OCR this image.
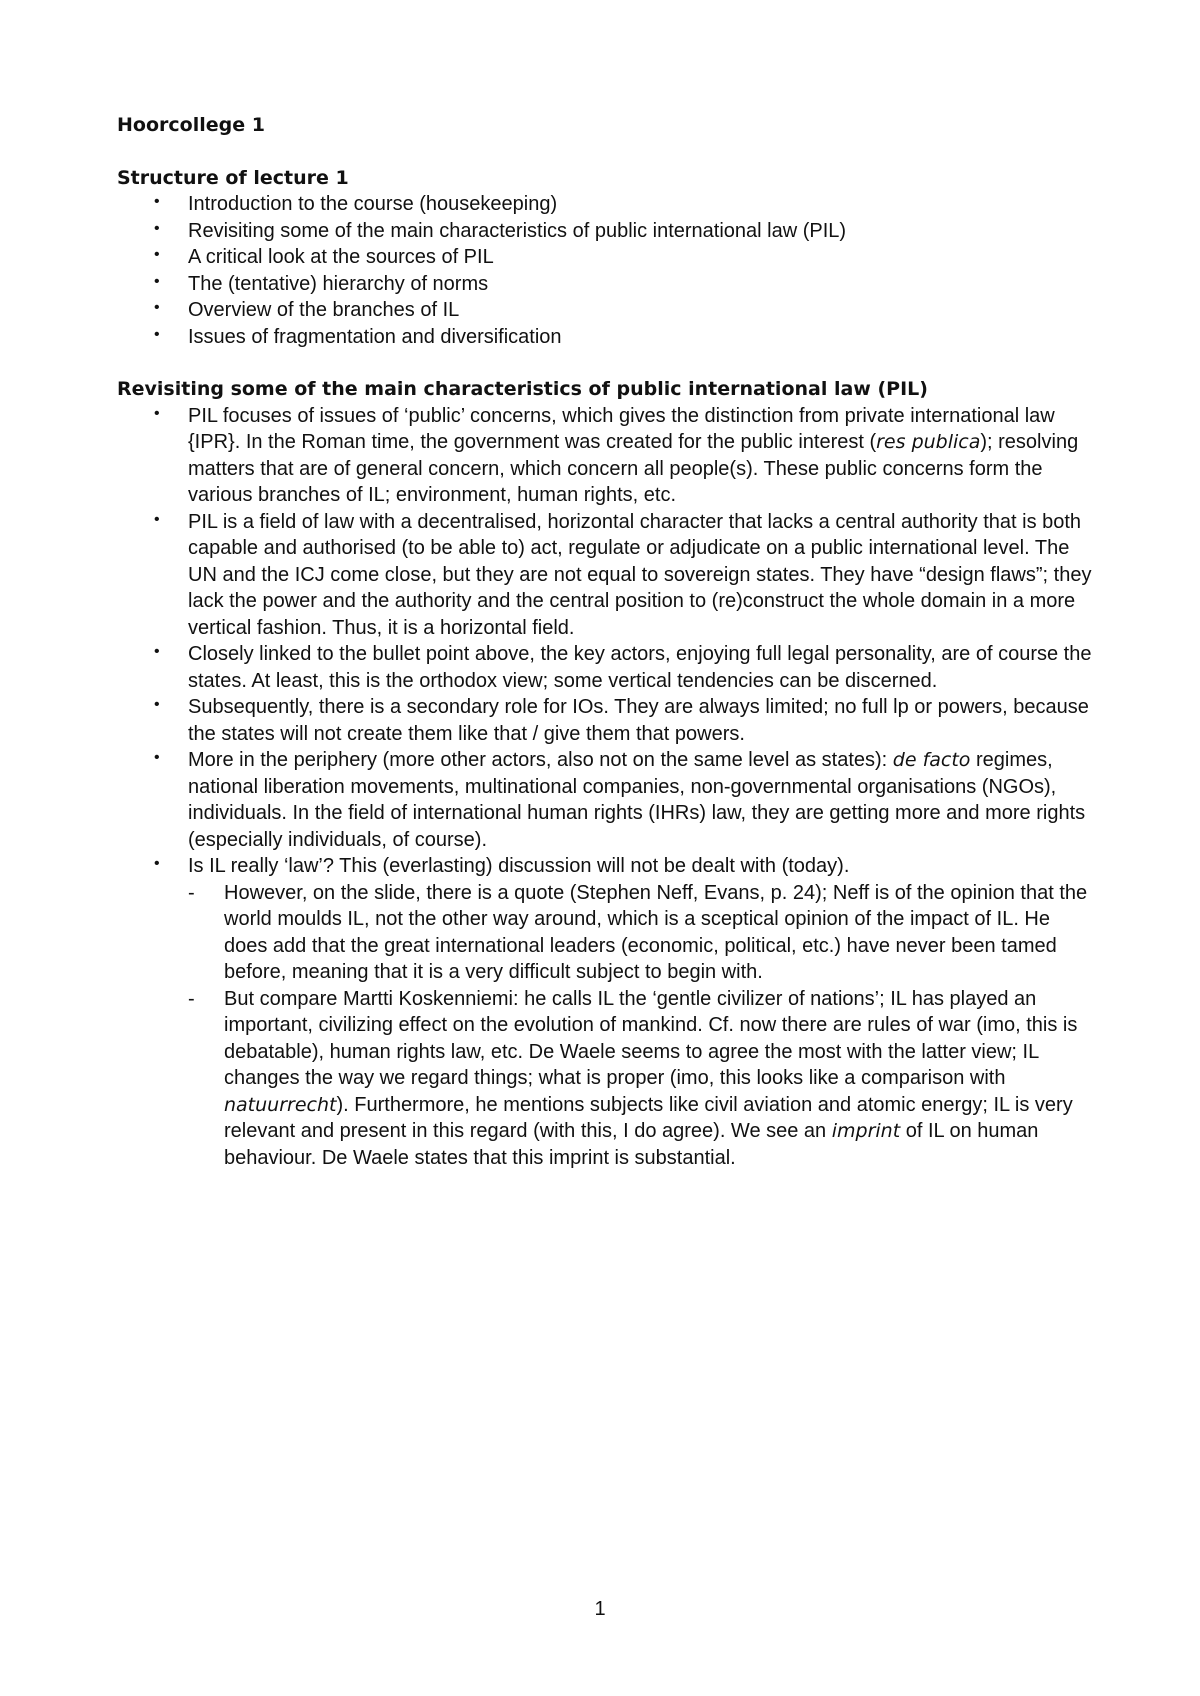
Hoorcollege 1

Structure of lecture 1

• Introduction to the course (housekeeping)
• Revisiting some of the main characteristics of public international law (PIL)
• A critical look at the sources of PIL
• The (tentative) hierarchy of norms
• Overview of the branches of IL
• Issues of fragmentation and diversification

Revisiting some of the main characteristics of public international law (PIL)

• PIL focuses of issues of ‘public’ concerns, which gives the distinction from private international law {IPR}. In the Roman time, the government was created for the public interest (res publica); resolving matters that are of general concern, which concern all people(s). These public concerns form the various branches of IL; environment, human rights, etc.
• PIL is a field of law with a decentralised, horizontal character that lacks a central authority that is both capable and authorised (to be able to) act, regulate or adjudicate on a public international level. The UN and the ICJ come close, but they are not equal to sovereign states. They have “design flaws”; they lack the power and the authority and the central position to (re)construct the whole domain in a more vertical fashion. Thus, it is a horizontal field.
• Closely linked to the bullet point above, the key actors, enjoying full legal personality, are of course the states. At least, this is the orthodox view; some vertical tendencies can be discerned.
• Subsequently, there is a secondary role for IOs. They are always limited; no full lp or powers, because the states will not create them like that / give them that powers.
• More in the periphery (more other actors, also not on the same level as states): de facto regimes, national liberation movements, multinational companies, non-governmental organisations (NGOs), individuals. In the field of international human rights (IHRs) law, they are getting more and more rights (especially individuals, of course).
• Is IL really ‘law’? This (everlasting) discussion will not be dealt with (today).
- However, on the slide, there is a quote (Stephen Neff, Evans, p. 24); Neff is of the opinion that the world moulds IL, not the other way around, which is a sceptical opinion of the impact of IL. He does add that the great international leaders (economic, political, etc.) have never been tamed before, meaning that it is a very difficult subject to begin with.
- But compare Martti Koskenniemi: he calls IL the ‘gentle civilizer of nations’; IL has played an important, civilizing effect on the evolution of mankind. Cf. now there are rules of war (imo, this is debatable), human rights law, etc. De Waele seems to agree the most with the latter view; IL changes the way we regard things; what is proper (imo, this looks like a comparison with natuurrecht). Furthermore, he mentions subjects like civil aviation and atomic energy; IL is very relevant and present in this regard (with this, I do agree). We see an imprint of IL on human behaviour. De Waele states that this imprint is substantial.
1
